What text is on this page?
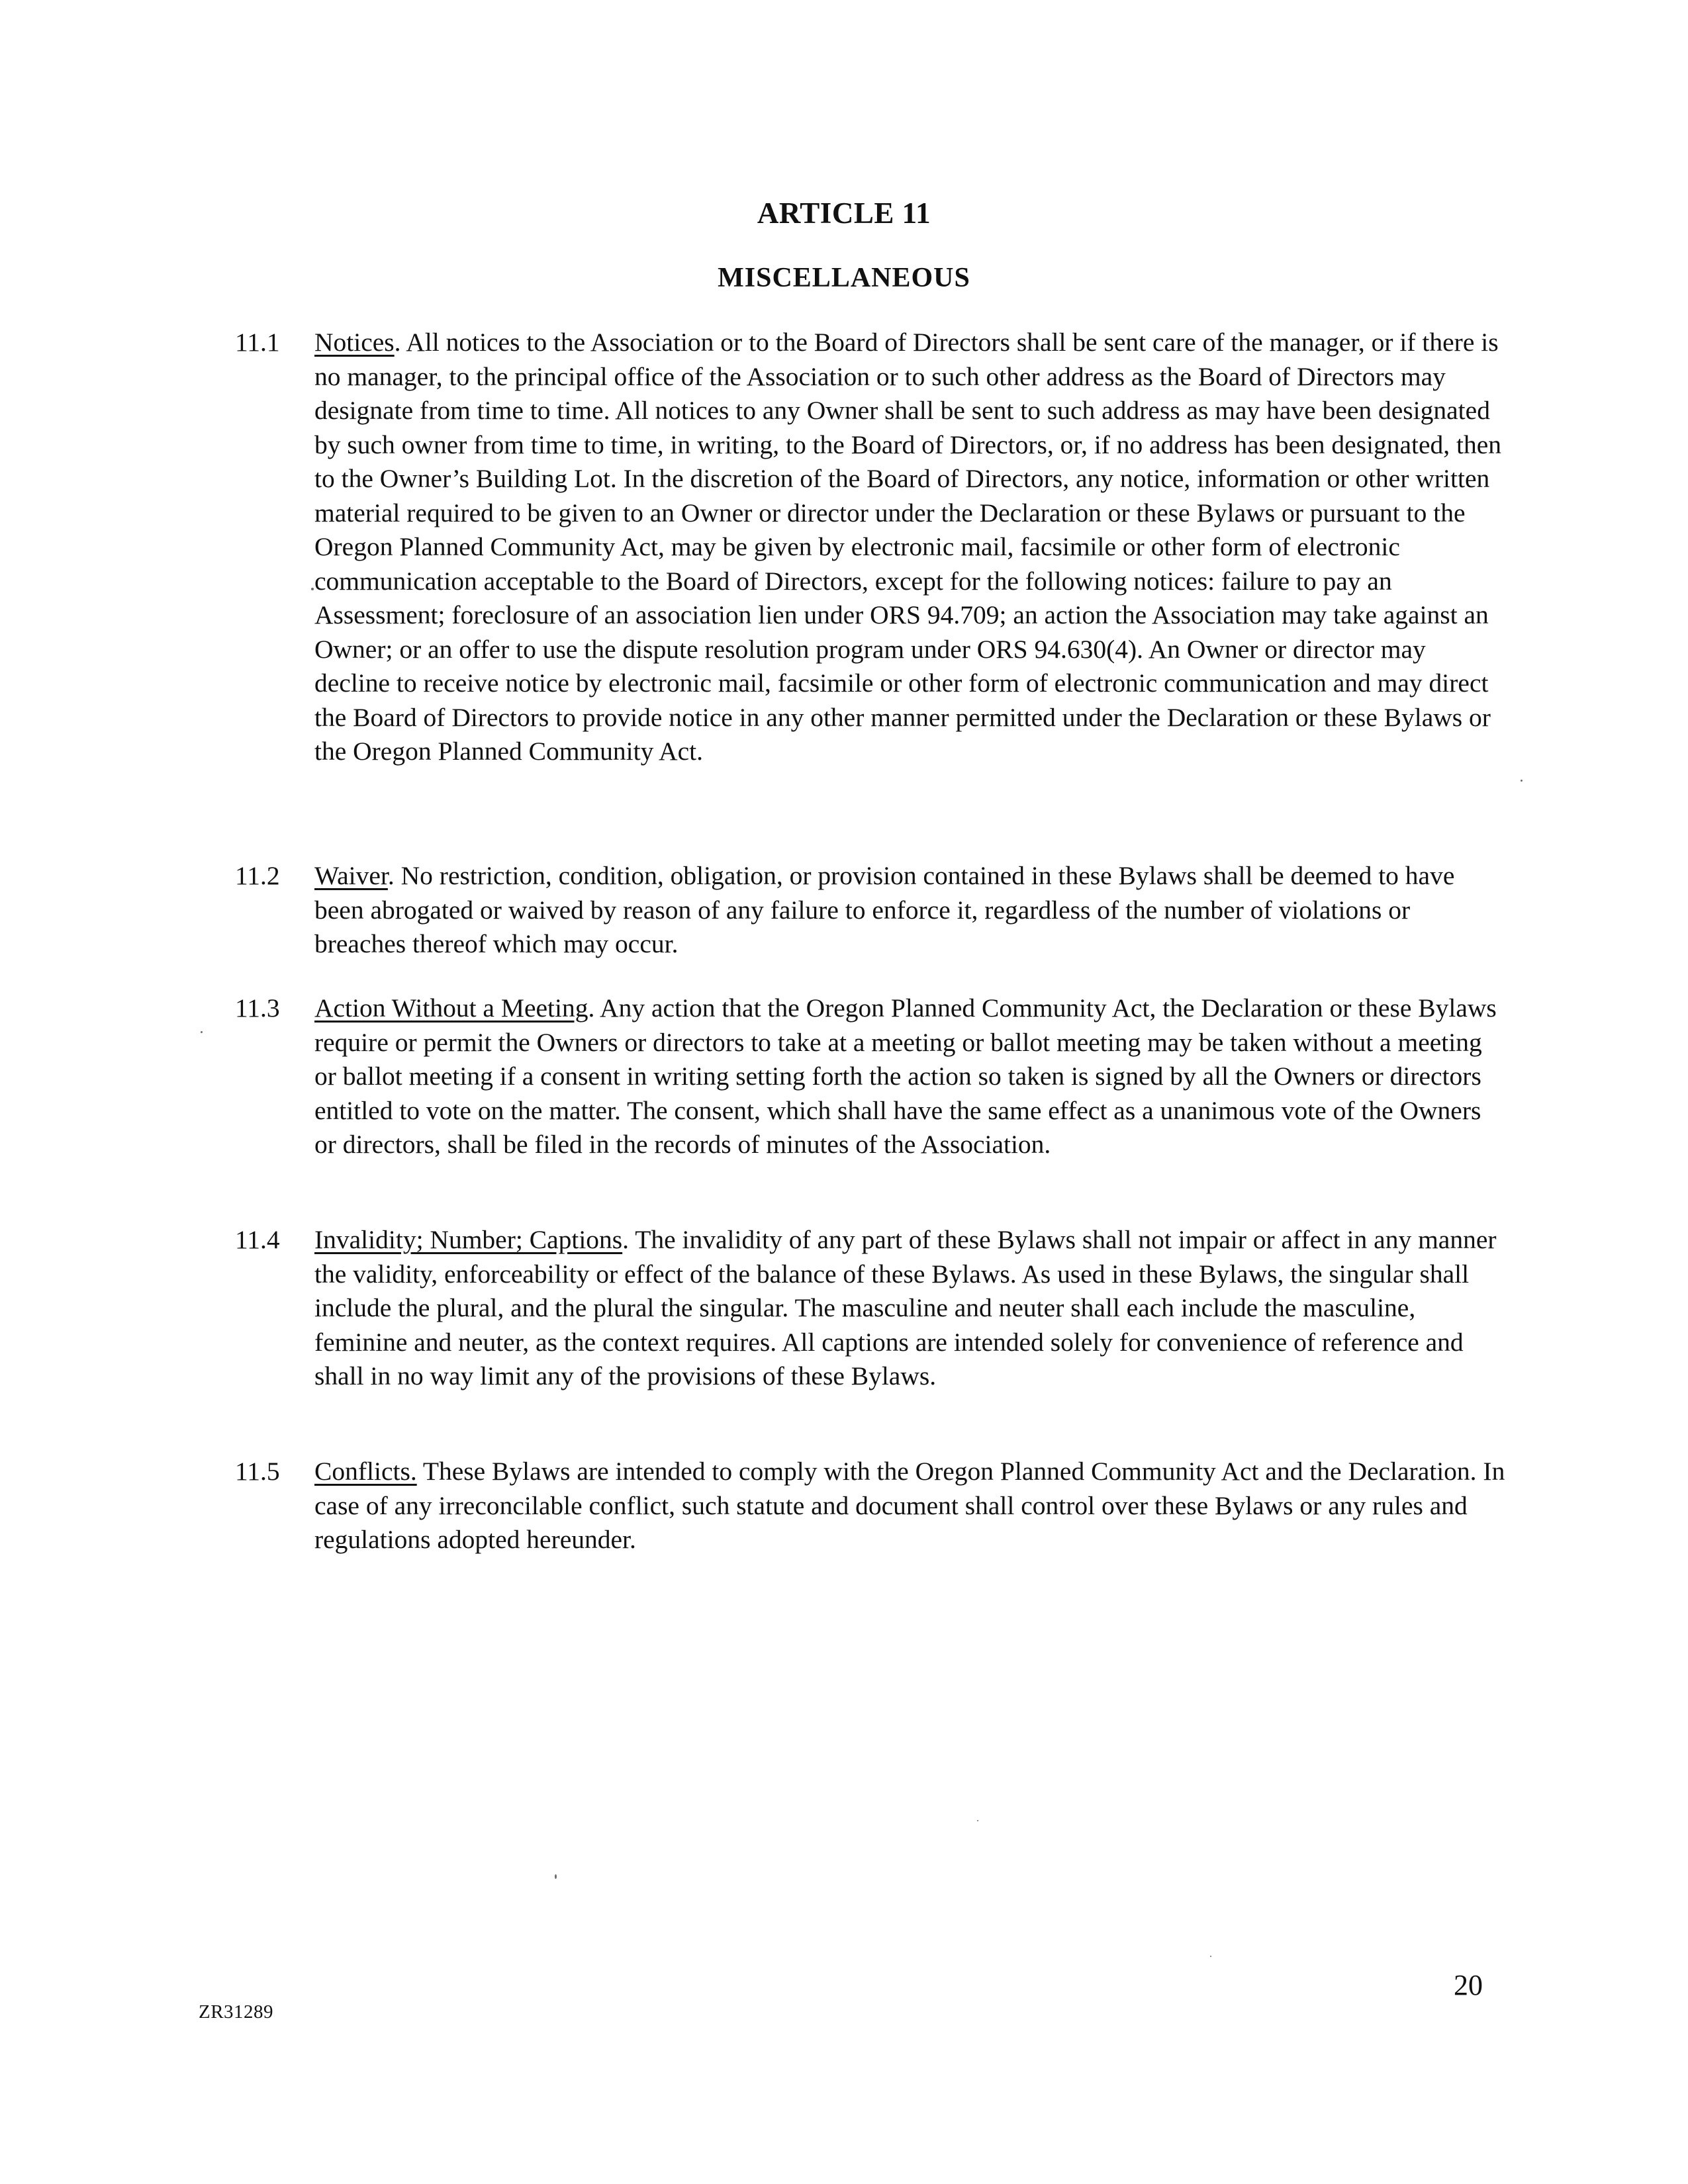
ARTICLE 11
MISCELLANEOUS
11.1	Notices. All notices to the Association or to the Board of Directors shall be sent care of the manager, or if there is no manager, to the principal office of the Association or to such other address as the Board of Directors may designate from time to time. All notices to any Owner shall be sent to such address as may have been designated by such owner from time to time, in writing, to the Board of Directors, or, if no address has been designated, then to the Owner’s Building Lot. In the discretion of the Board of Directors, any notice, information or other written material required to be given to an Owner or director under the Declaration or these Bylaws or pursuant to the Oregon Planned Community Act, may be given by electronic mail, facsimile or other form of electronic communication acceptable to the Board of Directors, except for the following notices: failure to pay an Assessment; foreclosure of an association lien under ORS 94.709; an action the Association may take against an Owner; or an offer to use the dispute resolution program under ORS 94.630(4). An Owner or director may decline to receive notice by electronic mail, facsimile or other form of electronic communication and may direct the Board of Directors to provide notice in any other manner permitted under the Declaration or these Bylaws or the Oregon Planned Community Act.
11.2	Waiver. No restriction, condition, obligation, or provision contained in these Bylaws shall be deemed to have been abrogated or waived by reason of any failure to enforce it, regardless of the number of violations or breaches thereof which may occur.
11.3	Action Without a Meeting. Any action that the Oregon Planned Community Act, the Declaration or these Bylaws require or permit the Owners or directors to take at a meeting or ballot meeting may be taken without a meeting or ballot meeting if a consent in writing setting forth the action so taken is signed by all the Owners or directors entitled to vote on the matter. The consent, which shall have the same effect as a unanimous vote of the Owners or directors, shall be filed in the records of minutes of the Association.
11.4	Invalidity; Number; Captions. The invalidity of any part of these Bylaws shall not impair or affect in any manner the validity, enforceability or effect of the balance of these Bylaws. As used in these Bylaws, the singular shall include the plural, and the plural the singular. The masculine and neuter shall each include the masculine, feminine and neuter, as the context requires. All captions are intended solely for convenience of reference and shall in no way limit any of the provisions of these Bylaws.
11.5	Conflicts. These Bylaws are intended to comply with the Oregon Planned Community Act and the Declaration. In case of any irreconcilable conflict, such statute and document shall control over these Bylaws or any rules and regulations adopted hereunder.
20
ZR31289
